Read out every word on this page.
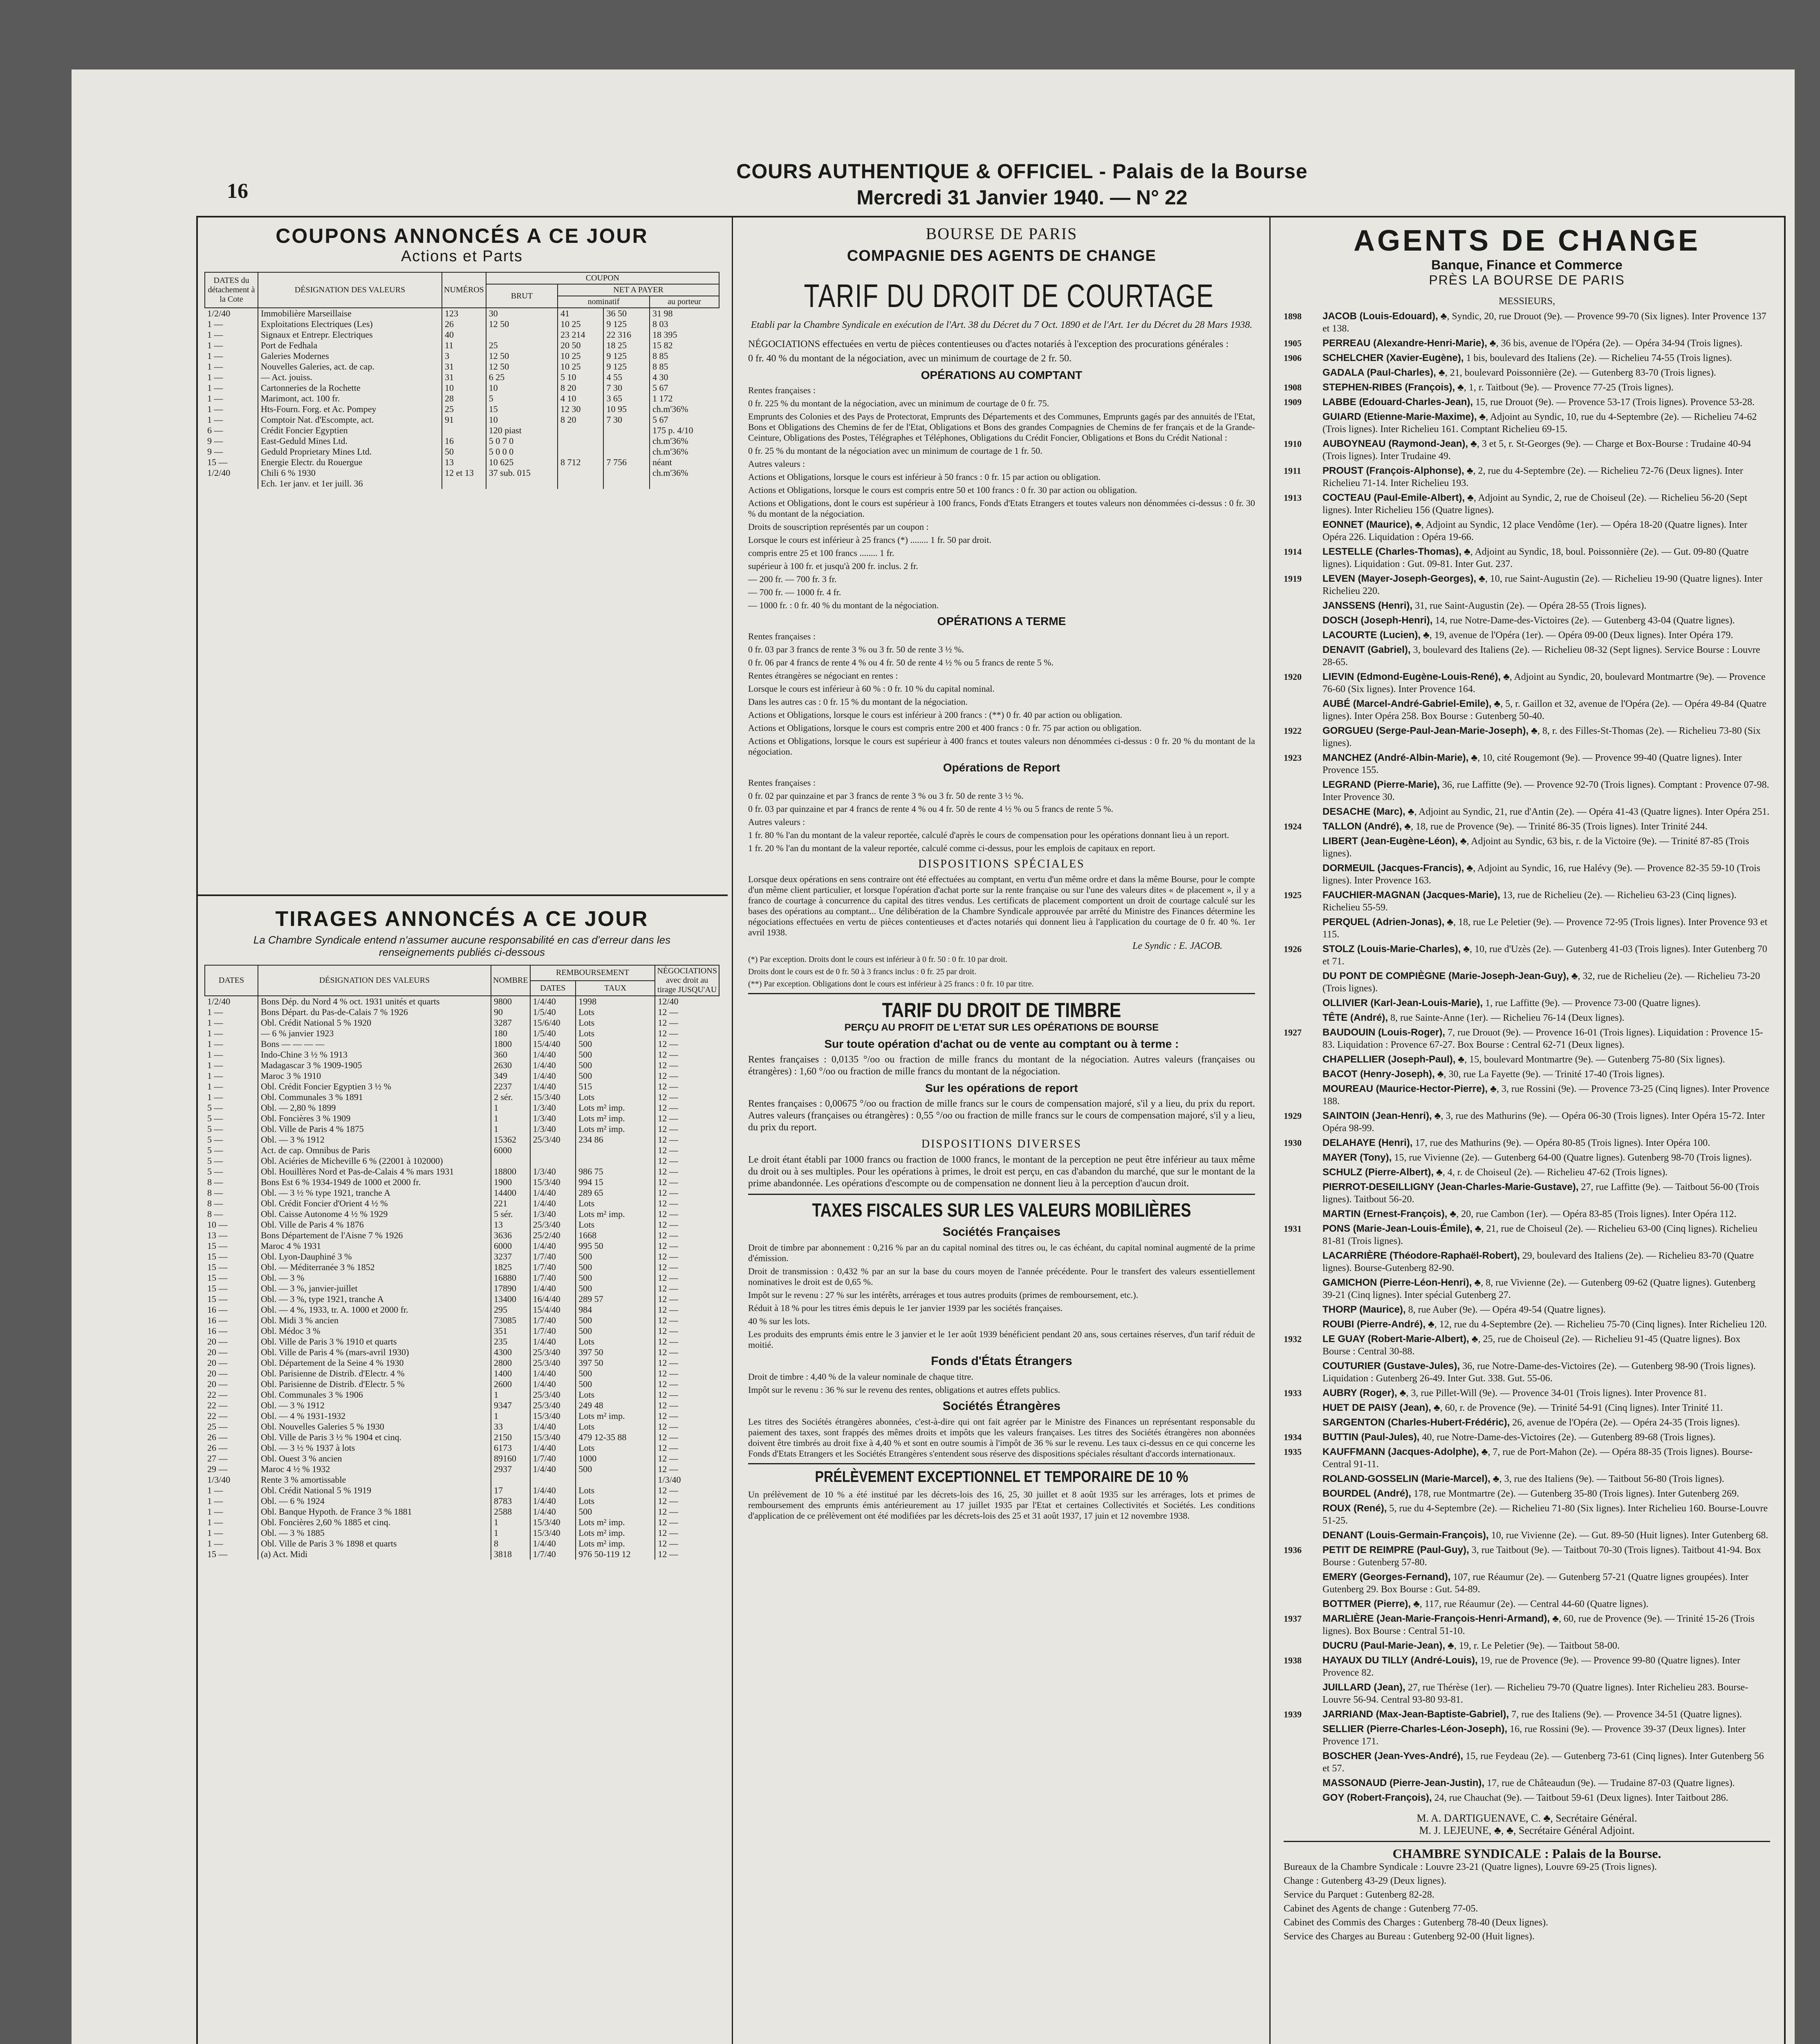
16
COURS AUTHENTIQUE & OFFICIEL - Palais de la Bourse
Mercredi 31 Janvier 1940. — N° 22
COUPONS ANNONCÉS A CE JOUR
Actions et Parts
DATES du détachement à la Cote	DÉSIGNATION DES VALEURS	NUMÉROS	COUPON			
			BRUT	NET A PAYER		
				nominatif		au porteur
1/2/40	Immobilière Marseillaise	123	30	41	36 50	31 98
1 —	Exploitations Electriques (Les)	26	12 50	10 25	9 125	8 03
1 —	Signaux et Entrepr. Electriques	40		23 214	22 316	18 395
1 —	Port de Fedhala	11	25	20 50	18 25	15 82
1 —	Galeries Modernes	3	12 50	10 25	9 125	8 85
1 —	Nouvelles Galeries, act. de cap.	31	12 50	10 25	9 125	8 85
1 —	— Act. jouiss.	31	6 25	5 10	4 55	4 30
1 —	Cartonneries de la Rochette	10	10	8 20	7 30	5 67
1 —	Marimont, act. 100 fr.	28	5	4 10	3 65	1 172
1 —	Hts-Fourn. Forg. et Ac. Pompey	25	15	12 30	10 95	ch.m'36%
1 —	Comptoir Nat. d'Escompte, act.	91	10	8 20	7 30	5 67
6 —	Crédit Foncier Egyptien		120 piast			175 p. 4/10
9 —	East-Geduld Mines Ltd.	16	5 0 7 0			ch.m'36%
9 —	Geduld Proprietary Mines Ltd.	50	5 0 0 0			ch.m'36%
15 —	Energie Electr. du Rouergue	13	10 625	8 712	7 756	néant
1/2/40	Chili 6 % 1930	12 et 13	37 sub. 015			ch.m'36%
	Ech. 1er janv. et 1er juill. 36					
TIRAGES ANNONCÉS A CE JOUR
La Chambre Syndicale entend n'assumer aucune responsabilité en cas d'erreur dans les renseignements publiés ci-dessous
DATES	DÉSIGNATION DES VALEURS	NOMBRE	REMBOURSEMENT		NÉGOCIATIONS avec droit au tirage JUSQU'AU
			DATES	TAUX	
1/2/40	Bons Dép. du Nord 4 % oct. 1931 unités et quarts	9800	1/4/40	1998	12/40
1 —	Bons Départ. du Pas-de-Calais 7 % 1926	90	1/5/40	Lots	12 —
1 —	Obl. Crédit National 5 % 1920	3287	15/6/40	Lots	12 —
1 —	— 6 % janvier 1923	180	1/5/40	Lots	12 —
1 —	Bons — — — —	1800	15/4/40	500	12 —
1 —	Indo-Chine 3 ½ % 1913	360	1/4/40	500	12 —
1 —	Madagascar 3 % 1909-1905	2630	1/4/40	500	12 —
1 —	Maroc 3 % 1910	349	1/4/40	500	12 —
1 —	Obl. Crédit Foncier Egyptien 3 ½ %	2237	1/4/40	515	12 —
1 —	Obl. Communales 3 % 1891	2 sér.	15/3/40	Lots	12 —
5 —	Obl. — 2,80 % 1899	1	1/3/40	Lots m² imp.	12 —
5 —	Obl. Foncières 3 % 1909	1	1/3/40	Lots m² imp.	12 —
5 —	Obl. Ville de Paris 4 % 1875	1	1/3/40	Lots m² imp.	12 —
5 —	Obl. — 3 % 1912	15362	25/3/40	234 86	12 —
5 —	Act. de cap. Omnibus de Paris	6000			12 —
5 —	Obl. Aciéries de Micheville 6 % (22001 à 102000)				12 —
5 —	Obl. Houillères Nord et Pas-de-Calais 4 % mars 1931	18800	1/3/40	986 75	12 —
8 —	Bons Est 6 % 1934-1949 de 1000 et 2000 fr.	1900	15/3/40	994 15	12 —
8 —	Obl. — 3 ½ % type 1921, tranche A	14400	1/4/40	289 65	12 —
8 —	Obl. Crédit Foncier d'Orient 4 ½ %	221	1/4/40	Lots	12 —
8 —	Obl. Caisse Autonome 4 ½ % 1929	5 sér.	1/3/40	Lots m² imp.	12 —
10 —	Obl. Ville de Paris 4 % 1876	13	25/3/40	Lots	12 —
13 —	Bons Département de l'Aisne 7 % 1926	3636	25/2/40	1668	12 —
15 —	Maroc 4 % 1931	6000	1/4/40	995 50	12 —
15 —	Obl. Lyon-Dauphiné 3 %	3237	1/7/40	500	12 —
15 —	Obl. — Méditerranée 3 % 1852	1825	1/7/40	500	12 —
15 —	Obl. — 3 %	16880	1/7/40	500	12 —
15 —	Obl. — 3 %, janvier-juillet	17890	1/4/40	500	12 —
15 —	Obl. — 3 %, type 1921, tranche A	13400	16/4/40	289 57	12 —
16 —	Obl. — 4 %, 1933, tr. A. 1000 et 2000 fr.	295	15/4/40	984	12 —
16 —	Obl. Midi 3 % ancien	73085	1/7/40	500	12 —
16 —	Obl. Médoc 3 %	351	1/7/40	500	12 —
20 —	Obl. Ville de Paris 3 % 1910 et quarts	235	1/4/40	Lots	12 —
20 —	Obl. Ville de Paris 4 % (mars-avril 1930)	4300	25/3/40	397 50	12 —
20 —	Obl. Département de la Seine 4 % 1930	2800	25/3/40	397 50	12 —
20 —	Obl. Parisienne de Distrib. d'Electr. 4 %	1400	1/4/40	500	12 —
20 —	Obl. Parisienne de Distrib. d'Electr. 5 %	2600	1/4/40	500	12 —
22 —	Obl. Communales 3 % 1906	1	25/3/40	Lots	12 —
22 —	Obl. — 3 % 1912	9347	25/3/40	249 48	12 —
22 —	Obl. — 4 % 1931-1932	1	15/3/40	Lots m² imp.	12 —
25 —	Obl. Nouvelles Galeries 5 % 1930	33	1/4/40	Lots	12 —
26 —	Obl. Ville de Paris 3 ½ % 1904 et cinq.	2150	15/3/40	479 12-35 88	12 —
26 —	Obl. — 3 ½ % 1937 à lots	6173	1/4/40	Lots	12 —
27 —	Obl. Ouest 3 % ancien	89160	1/7/40	1000	12 —
29 —	Maroc 4 ½ % 1932	2937	1/4/40	500	12 —
1/3/40	Rente 3 % amortissable				1/3/40
1 —	Obl. Crédit National 5 % 1919	17	1/4/40	Lots	12 —
1 —	Obl. — 6 % 1924	8783	1/4/40	Lots	12 —
1 —	Obl. Banque Hypoth. de France 3 % 1881	2588	1/4/40	500	12 —
1 —	Obl. Foncières 2,60 % 1885 et cinq.	1	15/3/40	Lots m² imp.	12 —
1 —	Obl. — 3 % 1885	1	15/3/40	Lots m² imp.	12 —
1 —	Obl. Ville de Paris 3 % 1898 et quarts	8	1/4/40	Lots m² imp.	12 —
15 —	(a) Act. Midi	3818	1/7/40	976 50-119 12	12 —
BOURSE DE PARIS
COMPAGNIE DES AGENTS DE CHANGE
TARIF DU DROIT DE COURTAGE
Etabli par la Chambre Syndicale en exécution de l'Art. 38 du Décret du 7 Oct. 1890 et de l'Art. 1er du Décret du 28 Mars 1938.
NÉGOCIATIONS effectuées en vertu de pièces contentieuses ou d'actes notariés à l'exception des procurations générales :
0 fr. 40 % du montant de la négociation, avec un minimum de courtage de 2 fr. 50.
OPÉRATIONS AU COMPTANT
Rentes françaises :
0 fr. 225 % du montant de la négociation, avec un minimum de courtage de 0 fr. 75.
Emprunts des Colonies et des Pays de Protectorat, Emprunts des Départements et des Communes, Emprunts gagés par des annuités de l'Etat, Bons et Obligations des Chemins de fer de l'Etat, Obligations et Bons des grandes Compagnies de Chemins de fer français et de la Grande-Ceinture, Obligations des Postes, Télégraphes et Téléphones, Obligations du Crédit Foncier, Obligations et Bons du Crédit National :
0 fr. 25 % du montant de la négociation avec un minimum de courtage de 1 fr. 50.
Autres valeurs :
Actions et Obligations, lorsque le cours est inférieur à 50 francs : 0 fr. 15 par action ou obligation.
Actions et Obligations, lorsque le cours est compris entre 50 et 100 francs : 0 fr. 30 par action ou obligation.
Actions et Obligations, dont le cours est supérieur à 100 francs, Fonds d'Etats Etrangers et toutes valeurs non dénommées ci-dessus : 0 fr. 30 % du montant de la négociation.
Droits de souscription représentés par un coupon :
Lorsque le cours est inférieur à 25 francs (*) ........ 1 fr. 50 par droit.
compris entre 25 et 100 francs ........ 1 fr.
supérieur à 100 fr. et jusqu'à 200 fr. inclus. 2 fr.
— 200 fr. — 700 fr. 3 fr.
— 700 fr. — 1000 fr. 4 fr.
— 1000 fr. : 0 fr. 40 % du montant de la négociation.
OPÉRATIONS A TERME
Rentes françaises :
0 fr. 03 par 3 francs de rente 3 % ou 3 fr. 50 de rente 3 ½ %.
0 fr. 06 par 4 francs de rente 4 % ou 4 fr. 50 de rente 4 ½ % ou 5 francs de rente 5 %.
Rentes étrangères se négociant en rentes :
Lorsque le cours est inférieur à 60 % : 0 fr. 10 % du capital nominal.
Dans les autres cas : 0 fr. 15 % du montant de la négociation.
Actions et Obligations, lorsque le cours est inférieur à 200 francs : (**) 0 fr. 40 par action ou obligation.
Actions et Obligations, lorsque le cours est compris entre 200 et 400 francs : 0 fr. 75 par action ou obligation.
Actions et Obligations, lorsque le cours est supérieur à 400 francs et toutes valeurs non dénommées ci-dessus : 0 fr. 20 % du montant de la négociation.
Opérations de Report
Rentes françaises :
0 fr. 02 par quinzaine et par 3 francs de rente 3 % ou 3 fr. 50 de rente 3 ½ %.
0 fr. 03 par quinzaine et par 4 francs de rente 4 % ou 4 fr. 50 de rente 4 ½ % ou 5 francs de rente 5 %.
Autres valeurs :
1 fr. 80 % l'an du montant de la valeur reportée, calculé d'après le cours de compensation pour les opérations donnant lieu à un report.
1 fr. 20 % l'an du montant de la valeur reportée, calculé comme ci-dessus, pour les emplois de capitaux en report.
DISPOSITIONS SPÉCIALES
Lorsque deux opérations en sens contraire ont été effectuées au comptant, en vertu d'un même ordre et dans la même Bourse, pour le compte d'un même client particulier, et lorsque l'opération d'achat porte sur la rente française ou sur l'une des valeurs dites « de placement », il y a franco de courtage à concurrence du capital des titres vendus. Les certificats de placement comportent un droit de courtage calculé sur les bases des opérations au comptant... Une délibération de la Chambre Syndicale approuvée par arrêté du Ministre des Finances détermine les négociations effectuées en vertu de pièces contentieuses et d'actes notariés qui donnent lieu à l'application du courtage de 0 fr. 40 %. 1er avril 1938.
Le Syndic : E. JACOB.
(*) Par exception. Droits dont le cours est inférieur à 0 fr. 50 : 0 fr. 10 par droit.
Droits dont le cours est de 0 fr. 50 à 3 francs inclus : 0 fr. 25 par droit.
(**) Par exception. Obligations dont le cours est inférieur à 25 francs : 0 fr. 10 par titre.
TARIF DU DROIT DE TIMBRE
PERÇU AU PROFIT DE L'ETAT SUR LES OPÉRATIONS DE BOURSE
Sur toute opération d'achat ou de vente au comptant ou à terme :
Rentes françaises : 0,0135 °/oo ou fraction de mille francs du montant de la négociation. Autres valeurs (françaises ou étrangères) : 1,60 °/oo ou fraction de mille francs du montant de la négociation.
Sur les opérations de report
Rentes françaises : 0,00675 °/oo ou fraction de mille francs sur le cours de compensation majoré, s'il y a lieu, du prix du report. Autres valeurs (françaises ou étrangères) : 0,55 °/oo ou fraction de mille francs sur le cours de compensation majoré, s'il y a lieu, du prix du report.
DISPOSITIONS DIVERSES
Le droit étant établi par 1000 francs ou fraction de 1000 francs, le montant de la perception ne peut être inférieur au taux même du droit ou à ses multiples. Pour les opérations à primes, le droit est perçu, en cas d'abandon du marché, que sur le montant de la prime abandonnée. Les opérations d'escompte ou de compensation ne donnent lieu à la perception d'aucun droit.
TAXES FISCALES SUR LES VALEURS MOBILIÈRES
Sociétés Françaises
Droit de timbre par abonnement : 0,216 % par an du capital nominal des titres ou, le cas échéant, du capital nominal augmenté de la prime d'émission.
Droit de transmission : 0,432 % par an sur la base du cours moyen de l'année précédente. Pour le transfert des valeurs essentiellement nominatives le droit est de 0,65 %.
Impôt sur le revenu : 27 % sur les intérêts, arrérages et tous autres produits (primes de remboursement, etc.).
Réduit à 18 % pour les titres émis depuis le 1er janvier 1939 par les sociétés françaises.
40 % sur les lots.
Les produits des emprunts émis entre le 3 janvier et le 1er août 1939 bénéficient pendant 20 ans, sous certaines réserves, d'un tarif réduit de moitié.
Fonds d'États Étrangers
Droit de timbre : 4,40 % de la valeur nominale de chaque titre.
Impôt sur le revenu : 36 % sur le revenu des rentes, obligations et autres effets publics.
Sociétés Étrangères
Les titres des Sociétés étrangères abonnées, c'est-à-dire qui ont fait agréer par le Ministre des Finances un représentant responsable du paiement des taxes, sont frappés des mêmes droits et impôts que les valeurs françaises. Les titres des Sociétés étrangères non abonnées doivent être timbrés au droit fixe à 4,40 % et sont en outre soumis à l'impôt de 36 % sur le revenu. Les taux ci-dessus en ce qui concerne les Fonds d'Etats Etrangers et les Sociétés Etrangères s'entendent sous réserve des dispositions spéciales résultant d'accords internationaux.
PRÉLÈVEMENT EXCEPTIONNEL ET TEMPORAIRE DE 10 %
Un prélèvement de 10 % a été institué par les décrets-lois des 16, 25, 30 juillet et 8 août 1935 sur les arrérages, lots et primes de remboursement des emprunts émis antérieurement au 17 juillet 1935 par l'Etat et certaines Collectivités et Sociétés. Les conditions d'application de ce prélèvement ont été modifiées par les décrets-lois des 25 et 31 août 1937, 17 juin et 12 novembre 1938.
AGENTS DE CHANGE
Banque, Finance et Commerce
PRÈS LA BOURSE DE PARIS
MESSIEURS,
1898 JACOB (Louis-Edouard), ♣, Syndic, 20, rue Drouot (9e). — Provence 99-70 (Six lignes). Inter Provence 137 et 138.
1905 PERREAU (Alexandre-Henri-Marie), ♣, 36 bis, avenue de l'Opéra (2e). — Opéra 34-94 (Trois lignes).
1906 SCHELCHER (Xavier-Eugène), 1 bis, boulevard des Italiens (2e). — Richelieu 74-55 (Trois lignes).
GADALA (Paul-Charles), ♣, 21, boulevard Poissonnière (2e). — Gutenberg 83-70 (Trois lignes).
1908 STEPHEN-RIBES (François), ♣, 1, r. Taitbout (9e). — Provence 77-25 (Trois lignes).
1909 LABBE (Edouard-Charles-Jean), 15, rue Drouot (9e). — Provence 53-17 (Trois lignes). Provence 53-28.
GUIARD (Etienne-Marie-Maxime), ♣, Adjoint au Syndic, 10, rue du 4-Septembre (2e). — Richelieu 74-62 (Trois lignes). Inter Richelieu 161. Comptant Richelieu 69-15.
1910 AUBOYNEAU (Raymond-Jean), ♣, 3 et 5, r. St-Georges (9e). — Charge et Box-Bourse : Trudaine 40-94 (Trois lignes). Inter Trudaine 49.
1911 PROUST (François-Alphonse), ♣, 2, rue du 4-Septembre (2e). — Richelieu 72-76 (Deux lignes). Inter Richelieu 71-14. Inter Richelieu 193.
1913 COCTEAU (Paul-Emile-Albert), ♣, Adjoint au Syndic, 2, rue de Choiseul (2e). — Richelieu 56-20 (Sept lignes). Inter Richelieu 156 (Quatre lignes).
EONNET (Maurice), ♣, Adjoint au Syndic, 12 place Vendôme (1er). — Opéra 18-20 (Quatre lignes). Inter Opéra 226. Liquidation : Opéra 19-66.
1914 LESTELLE (Charles-Thomas), ♣, Adjoint au Syndic, 18, boul. Poissonnière (2e). — Gut. 09-80 (Quatre lignes). Liquidation : Gut. 09-81. Inter Gut. 237.
1919 LEVEN (Mayer-Joseph-Georges), ♣, 10, rue Saint-Augustin (2e). — Richelieu 19-90 (Quatre lignes). Inter Richelieu 220.
JANSSENS (Henri), 31, rue Saint-Augustin (2e). — Opéra 28-55 (Trois lignes).
DOSCH (Joseph-Henri), 14, rue Notre-Dame-des-Victoires (2e). — Gutenberg 43-04 (Quatre lignes).
LACOURTE (Lucien), ♣, 19, avenue de l'Opéra (1er). — Opéra 09-00 (Deux lignes). Inter Opéra 179.
DENAVIT (Gabriel), 3, boulevard des Italiens (2e). — Richelieu 08-32 (Sept lignes). Service Bourse : Louvre 28-65.
1920 LIEVIN (Edmond-Eugène-Louis-René), ♣, Adjoint au Syndic, 20, boulevard Montmartre (9e). — Provence 76-60 (Six lignes). Inter Provence 164.
AUBÉ (Marcel-André-Gabriel-Emile), ♣, 5, r. Gaillon et 32, avenue de l'Opéra (2e). — Opéra 49-84 (Quatre lignes). Inter Opéra 258. Box Bourse : Gutenberg 50-40.
1922 GORGUEU (Serge-Paul-Jean-Marie-Joseph), ♣, 8, r. des Filles-St-Thomas (2e). — Richelieu 73-80 (Six lignes).
1923 MANCHEZ (André-Albin-Marie), ♣, 10, cité Rougemont (9e). — Provence 99-40 (Quatre lignes). Inter Provence 155.
LEGRAND (Pierre-Marie), 36, rue Laffitte (9e). — Provence 92-70 (Trois lignes). Comptant : Provence 07-98. Inter Provence 30.
DESACHE (Marc), ♣, Adjoint au Syndic, 21, rue d'Antin (2e). — Opéra 41-43 (Quatre lignes). Inter Opéra 251.
1924 TALLON (André), ♣, 18, rue de Provence (9e). — Trinité 86-35 (Trois lignes). Inter Trinité 244.
LIBERT (Jean-Eugène-Léon), ♣, Adjoint au Syndic, 63 bis, r. de la Victoire (9e). — Trinité 87-85 (Trois lignes).
DORMEUIL (Jacques-Francis), ♣, Adjoint au Syndic, 16, rue Halévy (9e). — Provence 82-35 59-10 (Trois lignes). Inter Provence 163.
1925 FAUCHIER-MAGNAN (Jacques-Marie), 13, rue de Richelieu (2e). — Richelieu 63-23 (Cinq lignes). Richelieu 55-59.
PERQUEL (Adrien-Jonas), ♣, 18, rue Le Peletier (9e). — Provence 72-95 (Trois lignes). Inter Provence 93 et 115.
1926 STOLZ (Louis-Marie-Charles), ♣, 10, rue d'Uzès (2e). — Gutenberg 41-03 (Trois lignes). Inter Gutenberg 70 et 71.
DU PONT DE COMPIÈGNE (Marie-Joseph-Jean-Guy), ♣, 32, rue de Richelieu (2e). — Richelieu 73-20 (Trois lignes).
OLLIVIER (Karl-Jean-Louis-Marie), 1, rue Laffitte (9e). — Provence 73-00 (Quatre lignes).
TÊTE (André), 8, rue Sainte-Anne (1er). — Richelieu 76-14 (Deux lignes).
1927 BAUDOUIN (Louis-Roger), 7, rue Drouot (9e). — Provence 16-01 (Trois lignes). Liquidation : Provence 15-83. Liquidation : Provence 67-27. Box Bourse : Central 62-71 (Deux lignes).
CHAPELLIER (Joseph-Paul), ♣, 15, boulevard Montmartre (9e). — Gutenberg 75-80 (Six lignes).
BACOT (Henry-Joseph), ♣, 30, rue La Fayette (9e). — Trinité 17-40 (Trois lignes).
MOUREAU (Maurice-Hector-Pierre), ♣, 3, rue Rossini (9e). — Provence 73-25 (Cinq lignes). Inter Provence 188.
1929 SAINTOIN (Jean-Henri), ♣, 3, rue des Mathurins (9e). — Opéra 06-30 (Trois lignes). Inter Opéra 15-72. Inter Opéra 98-99.
1930 DELAHAYE (Henri), 17, rue des Mathurins (9e). — Opéra 80-85 (Trois lignes). Inter Opéra 100.
MAYER (Tony), 15, rue Vivienne (2e). — Gutenberg 64-00 (Quatre lignes). Gutenberg 98-70 (Trois lignes).
SCHULZ (Pierre-Albert), ♣, 4, r. de Choiseul (2e). — Richelieu 47-62 (Trois lignes).
PIERROT-DESEILLIGNY (Jean-Charles-Marie-Gustave), 27, rue Laffitte (9e). — Taitbout 56-00 (Trois lignes). Taitbout 56-20.
MARTIN (Ernest-François), ♣, 20, rue Cambon (1er). — Opéra 83-85 (Trois lignes). Inter Opéra 112.
1931 PONS (Marie-Jean-Louis-Émile), ♣, 21, rue de Choiseul (2e). — Richelieu 63-00 (Cinq lignes). Richelieu 81-81 (Trois lignes).
LACARRIÈRE (Théodore-Raphaël-Robert), 29, boulevard des Italiens (2e). — Richelieu 83-70 (Quatre lignes). Bourse-Gutenberg 82-90.
GAMICHON (Pierre-Léon-Henri), ♣, 8, rue Vivienne (2e). — Gutenberg 09-62 (Quatre lignes). Gutenberg 39-21 (Cinq lignes). Inter spécial Gutenberg 27.
THORP (Maurice), 8, rue Auber (9e). — Opéra 49-54 (Quatre lignes).
ROUBI (Pierre-André), ♣, 12, rue du 4-Septembre (2e). — Richelieu 75-70 (Cinq lignes). Inter Richelieu 120.
1932 LE GUAY (Robert-Marie-Albert), ♣, 25, rue de Choiseul (2e). — Richelieu 91-45 (Quatre lignes). Box Bourse : Central 30-88.
COUTURIER (Gustave-Jules), 36, rue Notre-Dame-des-Victoires (2e). — Gutenberg 98-90 (Trois lignes). Liquidation : Gutenberg 26-49. Inter Gut. 338. Gut. 55-06.
1933 AUBRY (Roger), ♣, 3, rue Pillet-Will (9e). — Provence 34-01 (Trois lignes). Inter Provence 81.
HUET DE PAISY (Jean), ♣, 60, r. de Provence (9e). — Trinité 54-91 (Cinq lignes). Inter Trinité 11.
SARGENTON (Charles-Hubert-Frédéric), 26, avenue de l'Opéra (2e). — Opéra 24-35 (Trois lignes).
1934 BUTTIN (Paul-Jules), 40, rue Notre-Dame-des-Victoires (2e). — Gutenberg 89-68 (Trois lignes).
1935 KAUFFMANN (Jacques-Adolphe), ♣, 7, rue de Port-Mahon (2e). — Opéra 88-35 (Trois lignes). Bourse-Central 91-11.
ROLAND-GOSSELIN (Marie-Marcel), ♣, 3, rue des Italiens (9e). — Taitbout 56-80 (Trois lignes).
BOURDEL (André), 178, rue Montmartre (2e). — Gutenberg 35-80 (Trois lignes). Inter Gutenberg 269.
ROUX (René), 5, rue du 4-Septembre (2e). — Richelieu 71-80 (Six lignes). Inter Richelieu 160. Bourse-Louvre 51-25.
DENANT (Louis-Germain-François), 10, rue Vivienne (2e). — Gut. 89-50 (Huit lignes). Inter Gutenberg 68.
1936 PETIT DE REIMPRE (Paul-Guy), 3, rue Taitbout (9e). — Taitbout 70-30 (Trois lignes). Taitbout 41-94. Box Bourse : Gutenberg 57-80.
EMERY (Georges-Fernand), 107, rue Réaumur (2e). — Gutenberg 57-21 (Quatre lignes groupées). Inter Gutenberg 29. Box Bourse : Gut. 54-89.
BOTTMER (Pierre), ♣, 117, rue Réaumur (2e). — Central 44-60 (Quatre lignes).
1937 MARLIÈRE (Jean-Marie-François-Henri-Armand), ♣, 60, rue de Provence (9e). — Trinité 15-26 (Trois lignes). Box Bourse : Central 51-10.
DUCRU (Paul-Marie-Jean), ♣, 19, r. Le Peletier (9e). — Taitbout 58-00.
1938 HAYAUX DU TILLY (André-Louis), 19, rue de Provence (9e). — Provence 99-80 (Quatre lignes). Inter Provence 82.
JUILLARD (Jean), 27, rue Thérèse (1er). — Richelieu 79-70 (Quatre lignes). Inter Richelieu 283. Bourse-Louvre 56-94. Central 93-80 93-81.
1939 JARRIAND (Max-Jean-Baptiste-Gabriel), 7, rue des Italiens (9e). — Provence 34-51 (Quatre lignes).
SELLIER (Pierre-Charles-Léon-Joseph), 16, rue Rossini (9e). — Provence 39-37 (Deux lignes). Inter Provence 171.
BOSCHER (Jean-Yves-André), 15, rue Feydeau (2e). — Gutenberg 73-61 (Cinq lignes). Inter Gutenberg 56 et 57.
MASSONAUD (Pierre-Jean-Justin), 17, rue de Châteaudun (9e). — Trudaine 87-03 (Quatre lignes).
GOY (Robert-François), 24, rue Chauchat (9e). — Taitbout 59-61 (Deux lignes). Inter Taitbout 286.
M. A. DARTIGUENAVE, C. ♣, Secrétaire Général.
M. J. LEJEUNE, ♣, ♣, Secrétaire Général Adjoint.
CHAMBRE SYNDICALE : Palais de la Bourse.
Bureaux de la Chambre Syndicale : Louvre 23-21 (Quatre lignes), Louvre 69-25 (Trois lignes).
Change : Gutenberg 43-29 (Deux lignes).
Service du Parquet : Gutenberg 82-28.
Cabinet des Agents de change : Gutenberg 77-05.
Cabinet des Commis des Charges : Gutenberg 78-40 (Deux lignes).
Service des Charges au Bureau : Gutenberg 92-00 (Huit lignes).
